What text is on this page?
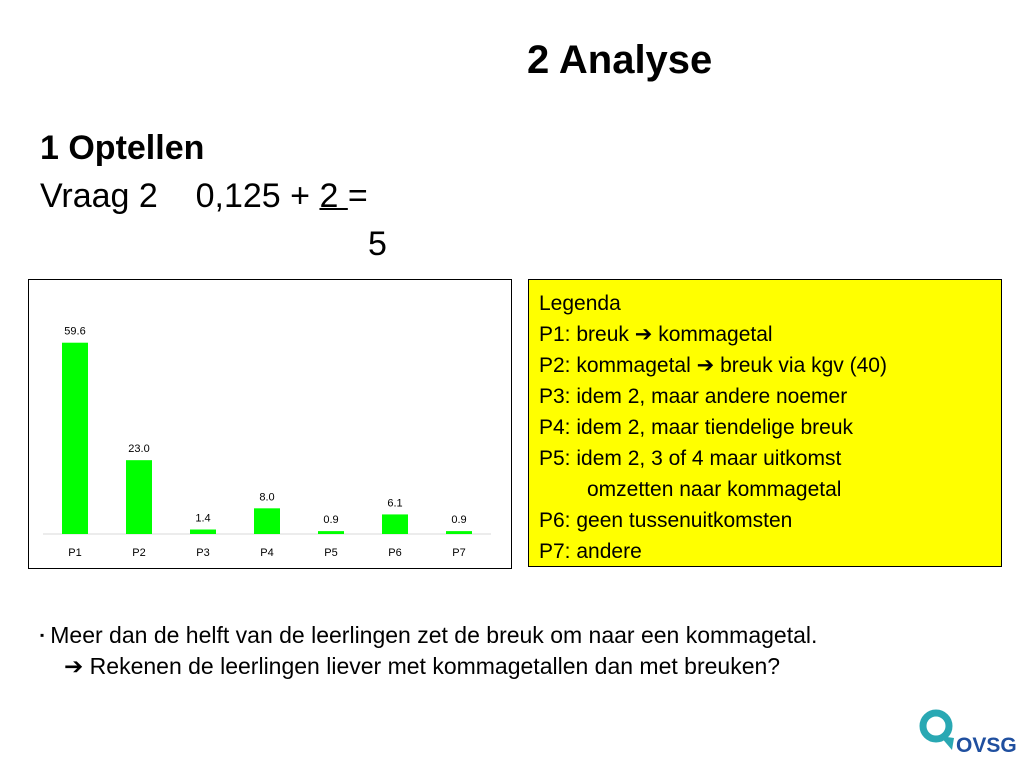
2 Analyse
1 Optellen
Vraag 2 0,125 + 2 =
5
59.6
P1
23.0
P2
1.4
P3
8.0
P4
0.9
P5
6.1
P6
0.9
P7
Legenda
P1: breuk ➔ kommagetal
P2: kommagetal ➔ breuk via kgv (40)
P3: idem 2, maar andere noemer
P4: idem 2, maar tiendelige breuk
P5: idem 2, 3 of 4 maar uitkomst
omzetten naar kommagetal
P6: geen tussenuitkomsten
P7: andere
▪ Meer dan de helft van de leerlingen zet de breuk om naar een kommagetal.
➔ Rekenen de leerlingen liever met kommagetallen dan met breuken?
OVSG
